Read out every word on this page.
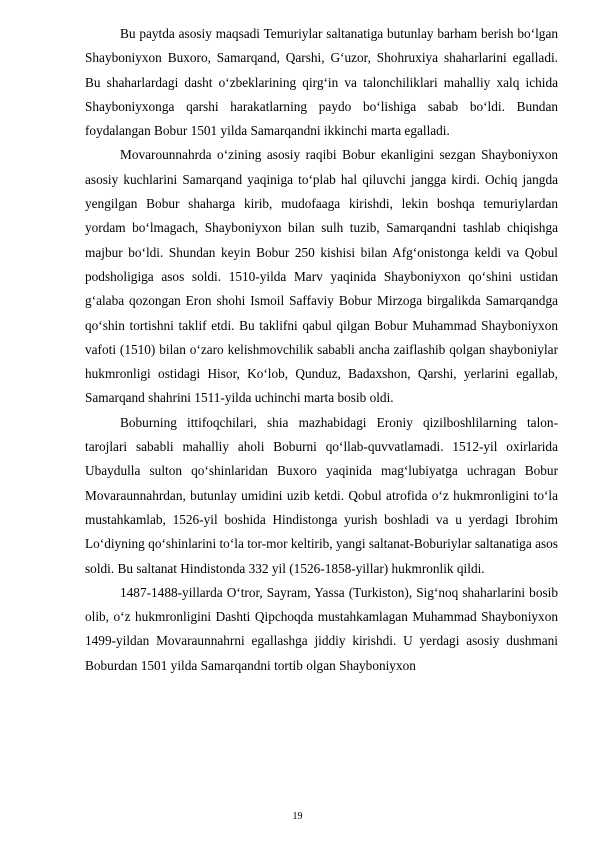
Bu paytda asosiy maqsadi Temuriylar saltanatiga butunlay barham berish bo‘lgan Shayboniyxon Buxoro, Samarqand, Qarshi, G‘uzor, Shohruxiya shaharlarini egalladi. Bu shaharlardagi dasht o‘zbeklarining qirg‘in va talonchiliklari mahalliy xalq ichida Shayboniyxonga qarshi harakatlarning paydo bo‘lishiga sabab bo‘ldi. Bundan foydalangan Bobur 1501 yilda Samarqandni ikkinchi marta egalladi.

Movarounnahrda o‘zining asosiy raqibi Bobur ekanligini sezgan Shayboniyxon asosiy kuchlarini Samarqand yaqiniga to‘plab hal qiluvchi jangga kirdi. Ochiq jangda yengilgan Bobur shaharga kirib, mudofaaga kirishdi, lekin boshqa temuriylardan yordam bo‘lmagach, Shayboniyxon bilan sulh tuzib, Samarqandni tashlab chiqishga majbur bo‘ldi. Shundan keyin Bobur 250 kishisi bilan Afg‘onistonga keldi va Qobul podsholigiga asos soldi. 1510-yilda Marv yaqinida Shayboniyxon qo‘shini ustidan g‘alaba qozongan Eron shohi Ismoil Saffaviy Bobur Mirzoga birgalikda Samarqandga qo‘shin tortishni taklif etdi. Bu taklifni qabul qilgan Bobur Muhammad Shayboniyxon vafoti (1510) bilan o‘zaro kelishmovchilik sababli ancha zaiflashib qolgan shayboniylar hukmronligi ostidagi Hisor, Ko‘lob, Qunduz, Badaxshon, Qarshi, yerlarini egallab, Samarqand shahrini 1511-yilda uchinchi marta bosib oldi.

Boburning ittifoqchilari, shia mazhabidagi Eroniy qizilboshlilarning talon-tarojlari sababli mahalliy aholi Boburni qo‘llab-quvvatlamadi. 1512-yil oxirlarida Ubaydulla sulton qo‘shinlaridan Buxoro yaqinida mag‘lubiyatga uchragan Bobur Movaraunnahrdan, butunlay umidini uzib ketdi. Qobul atrofida o‘z hukmronligini to‘la mustahkamlab, 1526-yil boshida Hindistonga yurish boshladi va u yerdagi Ibrohim Lo‘diyning qo‘shinlarini to‘la tor-mor keltirib, yangi saltanat-Boburiylar saltanatiga asos soldi. Bu saltanat Hindistonda 332 yil (1526-1858-yillar) hukmronlik qildi.

1487-1488-yillarda O‘tror, Sayram, Yassa (Turkiston), Sig‘noq shaharlarini bosib olib, o‘z hukmronligini Dashti Qipchoqda mustahkamlagan Muhammad Shayboniyxon 1499-yildan Movaraunnahrni egallashga jiddiy kirishdi. U yerdagi asosiy dushmani Boburdan 1501 yilda Samarqandni tortib olgan Shayboniyxon

19
